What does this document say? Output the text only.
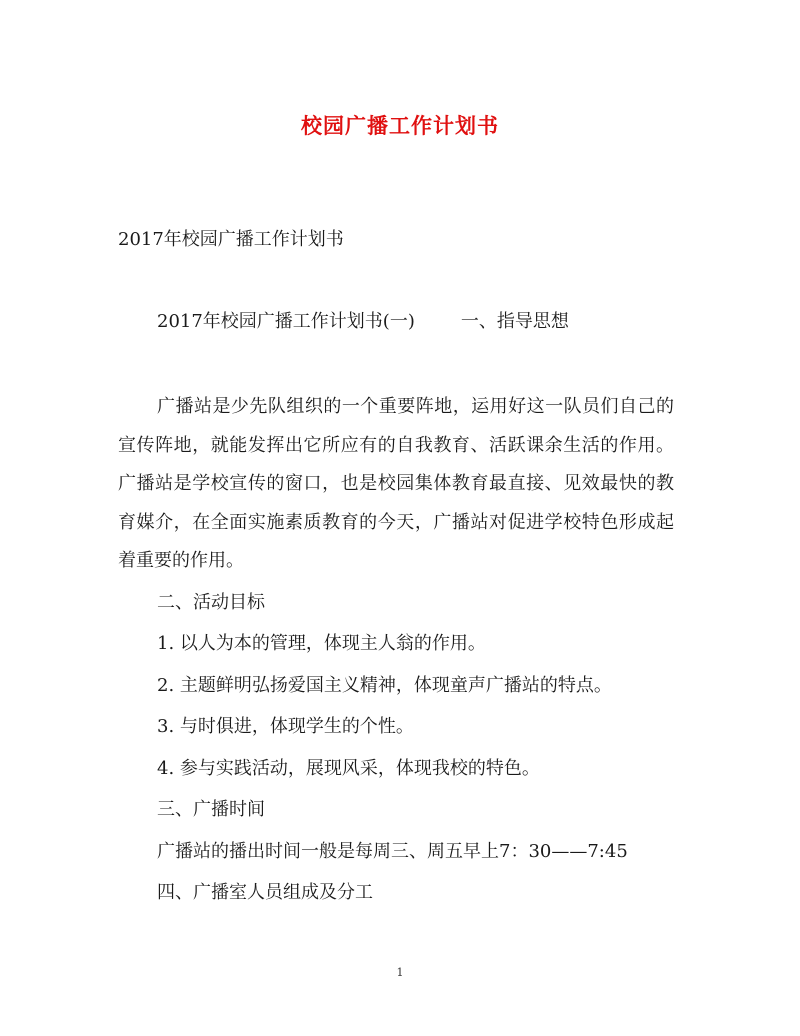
校园广播工作计划书
2017年校园广播工作计划书
2017年校园广播工作计划书(一)	一、指导思想

广播站是少先队组织的一个重要阵地，运用好这一队员们自己的宣传阵地，就能发挥出它所应有的自我教育、活跃课余生活的作用。广播站是学校宣传的窗口，也是校园集体教育最直接、见效最快的教育媒介，在全面实施素质教育的今天，广播站对促进学校特色形成起着重要的作用。

二、活动目标
1. 以人为本的管理，体现主人翁的作用。
2. 主题鲜明弘扬爱国主义精神，体现童声广播站的特点。
3. 与时俱进，体现学生的个性。
4. 参与实践活动，展现风采，体现我校的特色。
三、广播时间
广播站的播出时间一般是每周三、周五早上7：30——7:45
四、广播室人员组成及分工
1
